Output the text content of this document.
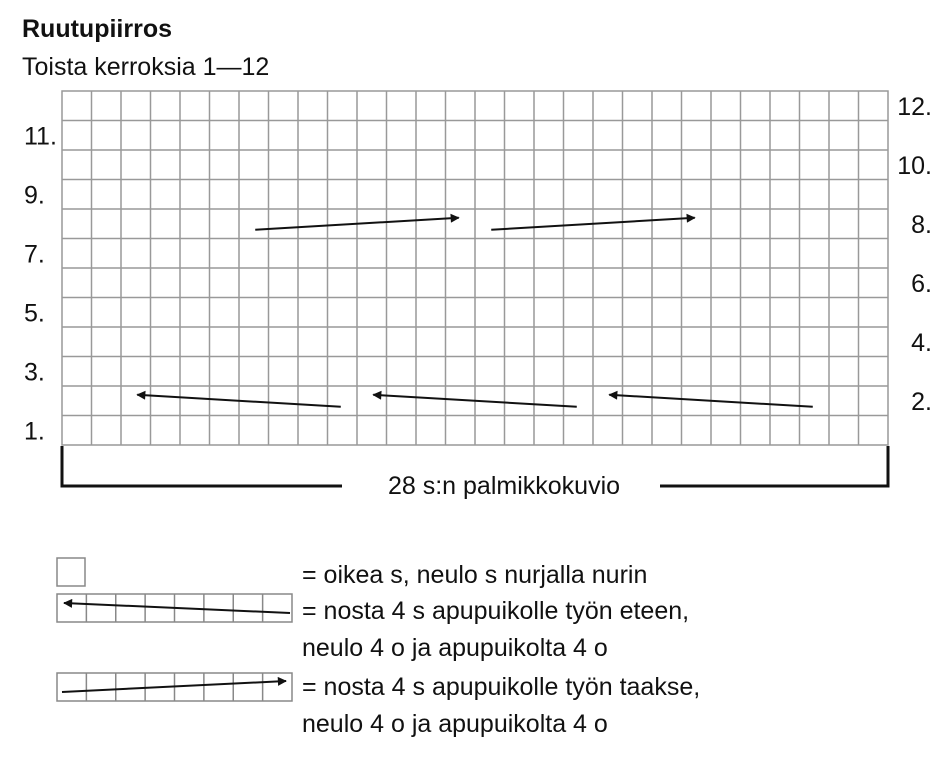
Ruutupiirros
Toista kerroksia 1—12
1.
3.
5.
7.
9.
11.
2.
4.
6.
8.
10.
12.
28 s:n palmikkokuvio
= oikea s, neulo s nurjalla nurin
= nosta 4 s apupuikolle työn eteen,
neulo 4 o ja apupuikolta 4 o
= nosta 4 s apupuikolle työn taakse,
neulo 4 o ja apupuikolta 4 o
